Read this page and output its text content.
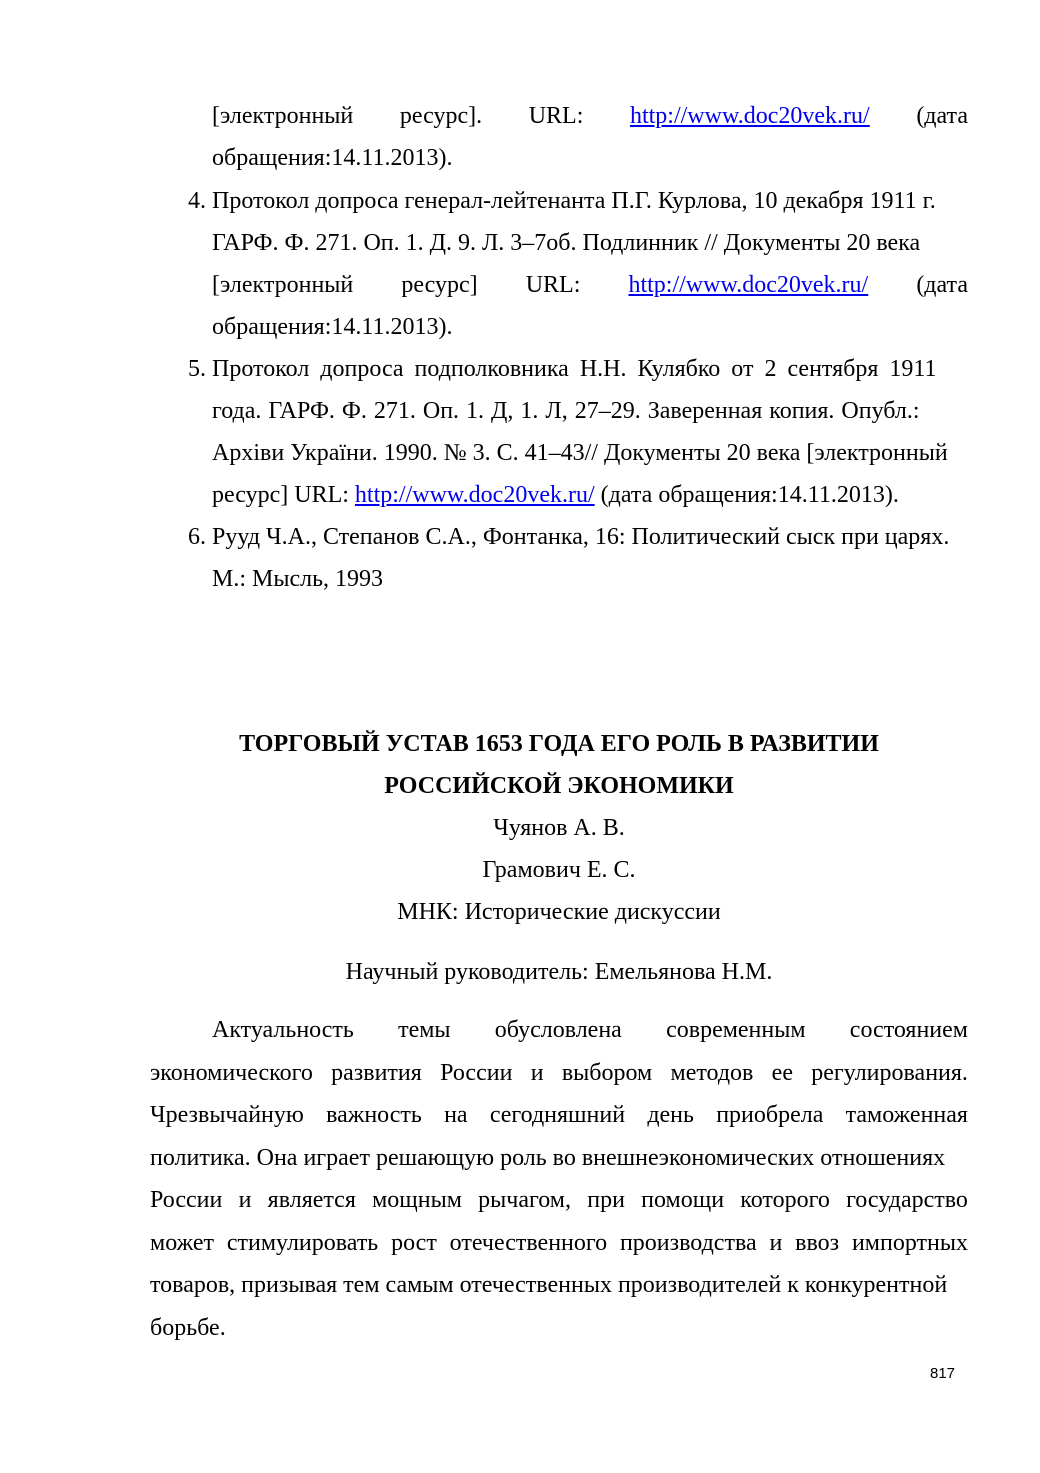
[электронный ресурс]. URL: http://www.doc20vek.ru/ (дата
обращения:14.11.2013).
4. Протокол допроса генерал-лейтенанта П.Г. Курлова, 10 декабря 1911 г.
ГАРФ. Ф. 271. Оп. 1. Д. 9. Л. 3–7об. Подлинник // Документы 20 века
[электронный ресурс] URL: http://www.doc20vek.ru/ (дата
обращения:14.11.2013).
5. Протокол допроса подполковника Н.Н. Кулябко от 2 сентября 1911
года. ГАРФ. Ф. 271. Оп. 1. Д, 1. Л, 27–29. Заверенная копия. Опубл.:
Архіви України. 1990. № 3. С. 41–43// Документы 20 века [электронный
ресурс] URL: http://www.doc20vek.ru/ (дата обращения:14.11.2013).
6. Рууд Ч.А., Степанов С.А., Фонтанка, 16: Политический сыск при царях.
М.: Мысль, 1993
ТОРГОВЫЙ УСТАВ 1653 ГОДА ЕГО РОЛЬ В РАЗВИТИИ
РОССИЙСКОЙ ЭКОНОМИКИ
Чуянов А. В.
Грамович Е. С.
МНК: Исторические дискуссии
Научный руководитель: Емельянова Н.М.
Актуальность темы обусловлена современным состоянием
экономического развития России и выбором методов ее регулирования.
Чрезвычайную важность на сегодняшний день приобрела таможенная
политика. Она играет решающую роль во внешнеэкономических отношениях
России и является мощным рычагом, при помощи которого государство
может стимулировать рост отечественного производства и ввоз импортных
товаров, призывая тем самым отечественных производителей к конкурентной
борьбе.
817
